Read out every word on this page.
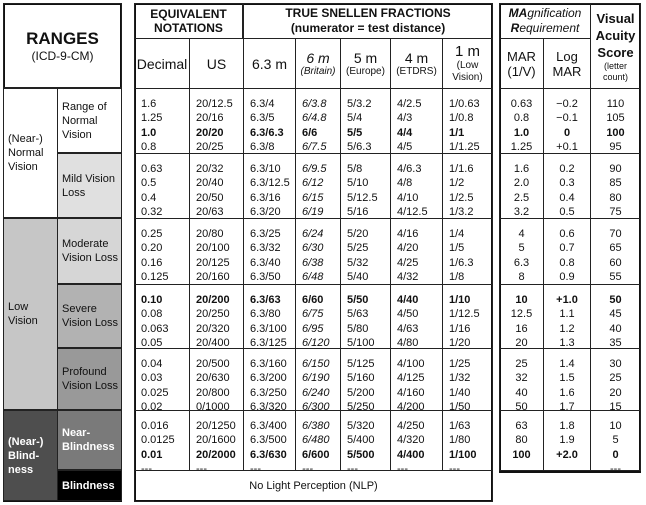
RANGES
(ICD-9-CM)
(Near-) Normal Vision
Low Vision
(Near-) Blind- ness
Range of Normal Vision
Mild Vision Loss
Moderate Vision Loss
Severe Vision Loss
Profound Vision Loss
Near- Blindness
Blindness
EQUIVALENT NOTATIONS
TRUE SNELLEN FRACTIONS
(numerator = test distance)
Decimal US 6.3 m 6 m
(Britain)
5 m
(Europe)
4 m
(ETDRS)
1 m
(Low Vision)
MAgnification
Requirement
Visual Acuity Score
(letter count)
MAR (1/V)
Log MAR
1.6
1.25
1.0
0.8
20/12.5
20/16
20/20
20/25
6.3/4
6.3/5
6.3/6.3
6.3/8
6/3.8
6/4.8
6/6
6/7.5
5/3.2
5/4
5/5
5/6.3
4/2.5
4/3
4/4
4/5
1/0.63
1/0.8
1/1
1/1.25
0.63
0.8
1.0
1.25
−0.2
−0.1
0
+0.1
110
105
100
95
0.63
0.5
0.4
0.32
20/32
20/40
20/50
20/63
6.3/10
6.3/12.5
6.3/16
6.3/20
6/9.5
6/12
6/15
6/19
5/8
5/10
5/12.5
5/16
4/6.3
4/8
4/10
4/12.5
1/1.6
1/2
1/2.5
1/3.2
1.6
2.0
2.5
3.2
0.2
0.3
0.4
0.5
90
85
80
75
0.25
0.20
0.16
0.125
20/80
20/100
20/125
20/160
6.3/25
6.3/32
6.3/40
6.3/50
6/24
6/30
6/38
6/48
5/20
5/25
5/32
5/40
4/16
4/20
4/25
4/32
1/4
1/5
1/6.3
1/8
4
5
6.3
8
0.6
0.7
0.8
0.9
70
65
60
55
0.10
0.08
0.063
0.05
20/200
20/250
20/320
20/400
6.3/63
6.3/80
6.3/100
6.3/125
6/60
6/75
6/95
6/120
5/50
5/63
5/80
5/100
4/40
4/50
4/63
4/80
1/10
1/12.5
1/16
1/20
10
12.5
16
20
+1.0
1.1
1.2
1.3
50
45
40
35
0.04
0.03
0.025
0.02
20/500
20/630
20/800
0/1000
6.3/160
6.3/200
6.3/250
6.3/320
6/150
6/190
6/240
6/300
5/125
5/160
5/200
5/250
4/100
4/125
4/160
4/200
1/25
1/32
1/40
1/50
25
32
40
50
1.4
1.5
1.6
1.7
30
25
20
15
0.016
0.0125
0.01
---
20/1250
20/1600
20/2000
---
6.3/400
6.3/500
6.3/630
---
6/380
6/480
6/600
---
5/320
5/400
5/500
---
4/250
4/320
4/400
---
1/63
1/80
1/100
---
63
80
100
1.8
1.9
+2.0
10
5
0
---
No Light Perception (NLP)
